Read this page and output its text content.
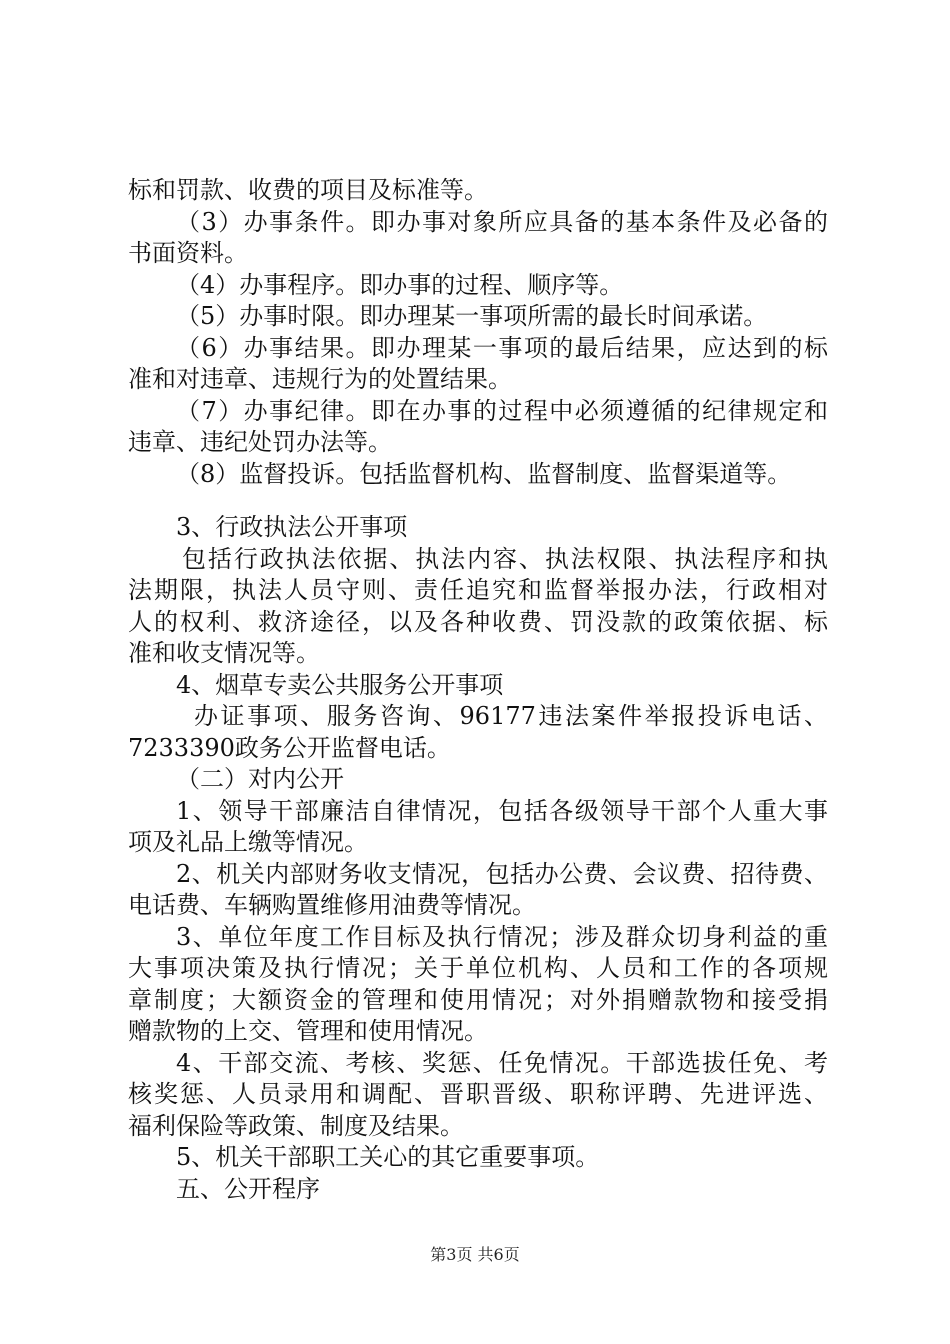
标和罚款、收费的项目及标准等。

（3）办事条件。即办事对象所应具备的基本条件及必备的

书面资料。

（4）办事程序。即办事的过程、顺序等。

（5）办事时限。即办理某一事项所需的最长时间承诺。

（6）办事结果。即办理某一事项的最后结果，应达到的标

准和对违章、违规行为的处置结果。

（7）办事纪律。即在办事的过程中必须遵循的纪律规定和

违章、违纪处罚办法等。

（8）监督投诉。包括监督机构、监督制度、监督渠道等。

3、行政执法公开事项

包括行政执法依据、执法内容、执法权限、执法程序和执

法期限，执法人员守则、责任追究和监督举报办法，行政相对

人的权利、救济途径，以及各种收费、罚没款的政策依据、标

准和收支情况等。

4、烟草专卖公共服务公开事项

办证事项、服务咨询、96177违法案件举报投诉电话、

7233390政务公开监督电话。

（二）对内公开

1、领导干部廉洁自律情况，包括各级领导干部个人重大事

项及礼品上缴等情况。

2、机关内部财务收支情况，包括办公费、会议费、招待费、

电话费、车辆购置维修用油费等情况。

3、单位年度工作目标及执行情况；涉及群众切身利益的重

大事项决策及执行情况；关于单位机构、人员和工作的各项规

章制度；大额资金的管理和使用情况；对外捐赠款物和接受捐

赠款物的上交、管理和使用情况。

4、干部交流、考核、奖惩、任免情况。干部选拔任免、考

核奖惩、人员录用和调配、晋职晋级、职称评聘、先进评选、

福利保险等政策、制度及结果。

5、机关干部职工关心的其它重要事项。

五、公开程序

第3页 共6页
